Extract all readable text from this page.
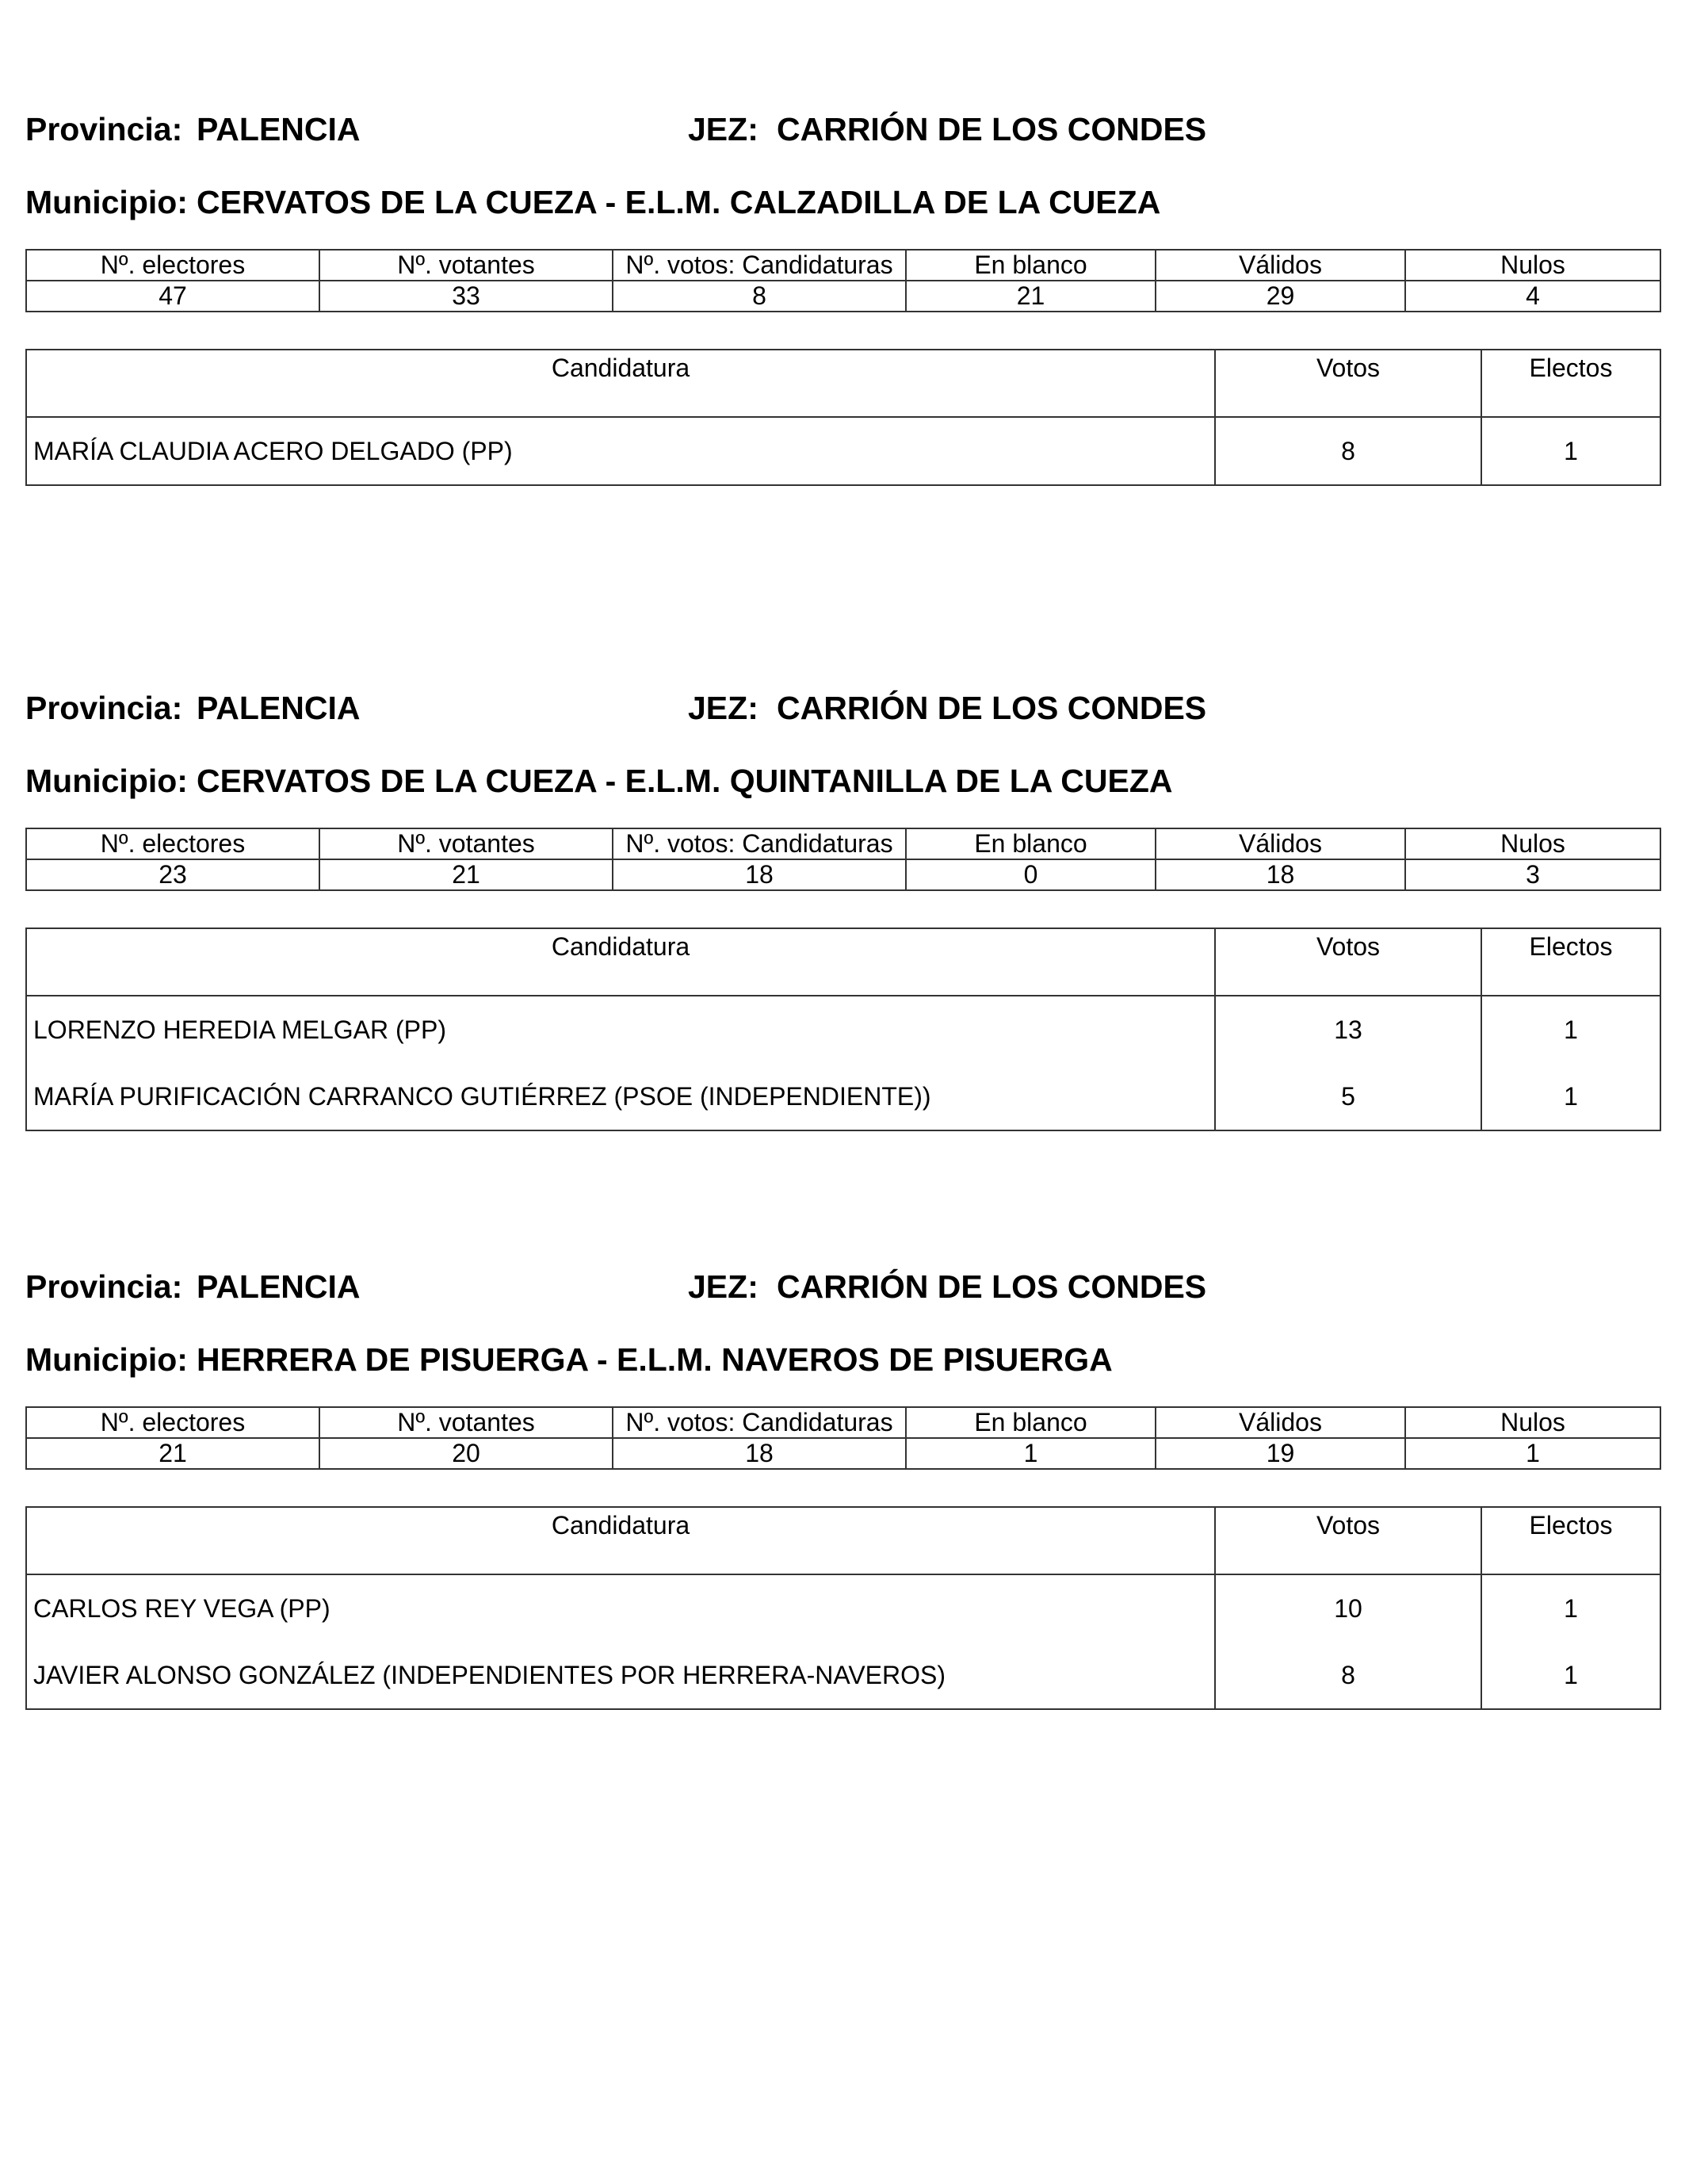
Provincia: PALENCIA	JEZ: CARRIÓN DE LOS CONDES
Municipio: CERVATOS DE LA CUEZA - E.L.M. CALZADILLA DE LA CUEZA
Nº. electores	Nº. votantes	Nº. votos: Candidaturas	En blanco	Válidos	Nulos
47	33	8	21	29	4
Candidatura	Votos	Electos
MARÍA CLAUDIA ACERO DELGADO (PP)	8	1
Provincia: PALENCIA	JEZ: CARRIÓN DE LOS CONDES
Municipio: CERVATOS DE LA CUEZA - E.L.M. QUINTANILLA DE LA CUEZA
Nº. electores	Nº. votantes	Nº. votos: Candidaturas	En blanco	Válidos	Nulos
23	21	18	0	18	3
Candidatura	Votos	Electos
LORENZO HEREDIA MELGAR (PP)	13	1
MARÍA PURIFICACIÓN CARRANCO GUTIÉRREZ (PSOE (INDEPENDIENTE))	5	1
Provincia: PALENCIA	JEZ: CARRIÓN DE LOS CONDES
Municipio: HERRERA DE PISUERGA - E.L.M. NAVEROS DE PISUERGA
Nº. electores	Nº. votantes	Nº. votos: Candidaturas	En blanco	Válidos	Nulos
21	20	18	1	19	1
Candidatura	Votos	Electos
CARLOS REY VEGA (PP)	10	1
JAVIER ALONSO GONZÁLEZ (INDEPENDIENTES POR HERRERA-NAVEROS)	8	1
